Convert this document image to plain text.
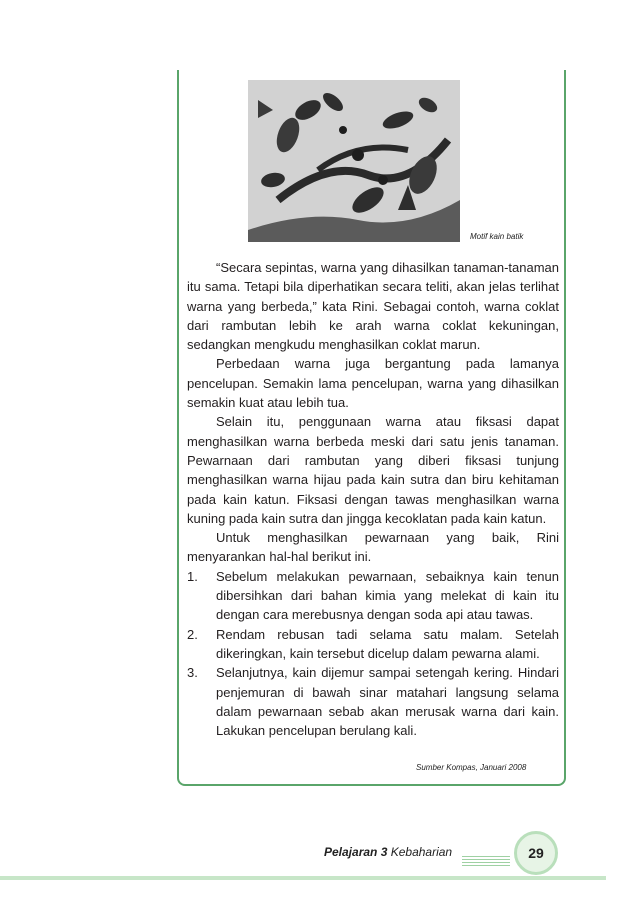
Motif kain batik

“Secara sepintas, warna yang dihasilkan tanaman-tanaman itu sama. Tetapi bila diperhatikan secara teliti, akan jelas terlihat warna yang berbeda,” kata Rini. Sebagai contoh, warna coklat dari rambutan lebih ke arah warna coklat kekuningan, sedangkan mengkudu menghasilkan coklat marun.

Perbedaan warna juga bergantung pada lamanya pencelupan. Semakin lama pencelupan, warna yang dihasilkan semakin kuat atau lebih tua.

Selain itu, penggunaan warna atau fiksasi dapat menghasilkan warna berbeda meski dari satu jenis tanaman. Pewarnaan dari rambutan yang diberi fiksasi tunjung menghasilkan warna hijau pada kain sutra dan biru kehitaman pada kain katun. Fiksasi dengan tawas menghasilkan warna kuning pada kain sutra dan jingga kecoklatan pada kain katun.

Untuk menghasilkan pewarnaan yang baik, Rini menyarankan hal-hal berikut ini.

1. Sebelum melakukan pewarnaan, sebaiknya kain tenun dibersihkan dari bahan kimia yang melekat di kain itu dengan cara merebusnya dengan soda api atau tawas.
2. Rendam rebusan tadi selama satu malam. Setelah dikeringkan, kain tersebut dicelup dalam pewarna alami.
3. Selanjutnya, kain dijemur sampai setengah kering. Hindari penjemuran di bawah sinar matahari langsung selama dalam pewarnaan sebab akan merusak warna dari kain. Lakukan pencelupan berulang kali.
Sumber Kompas, Januari 2008
Pelajaran 3 Kebaharian	29
